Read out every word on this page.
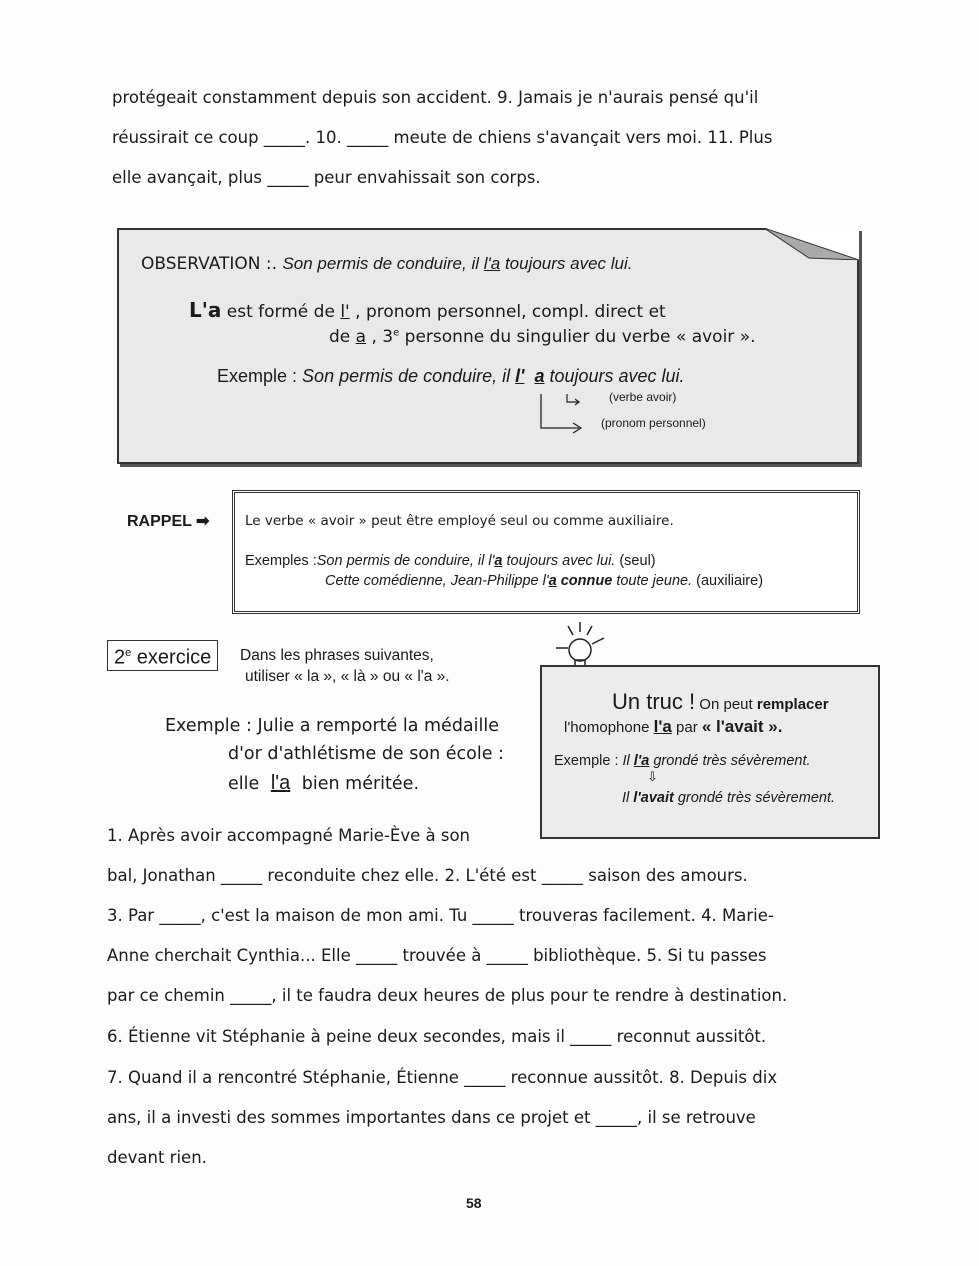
protégeait constamment depuis son accident. 9. Jamais je n'aurais pensé qu'il
réussirait ce coup _____. 10. _____ meute de chiens s'avançait vers moi. 11. Plus
elle avançait, plus _____ peur envahissait son corps.
OBSERVATION :. Son permis de conduire, il l'a toujours avec lui.
L'a est formé de l' , pronom personnel, compl. direct et
de a , 3e personne du singulier du verbe « avoir ».
Exemple : Son permis de conduire, il l' a toujours avec lui.
(verbe avoir)
(pronom personnel)
RAPPEL ➡	Le verbe « avoir » peut être employé seul ou comme auxiliaire.
Exemples :Son permis de conduire, il l'a toujours avec lui. (seul)
Cette comédienne, Jean-Philippe l'a connue toute jeune. (auxiliaire)
2e exercice	Dans les phrases suivantes,
utiliser « la », « là » ou « l'a ».
Exemple : Julie a remporté la médaille
d'or d'athlétisme de son école :
elle l'a bien méritée.
Un truc ! On peut remplacer
l'homophone l'a par « l'avait ».
Exemple : Il l'a grondé très sévèrement.
⇩
Il l'avait grondé très sévèrement.
1. Après avoir accompagné Marie-Ève à son
bal, Jonathan _____ reconduite chez elle. 2. L'été est _____ saison des amours.
3. Par _____, c'est la maison de mon ami. Tu _____ trouveras facilement. 4. Marie-
Anne cherchait Cynthia... Elle _____ trouvée à _____ bibliothèque. 5. Si tu passes
par ce chemin _____, il te faudra deux heures de plus pour te rendre à destination.
6. Étienne vit Stéphanie à peine deux secondes, mais il _____ reconnut aussitôt.
7. Quand il a rencontré Stéphanie, Étienne _____ reconnue aussitôt. 8. Depuis dix
ans, il a investi des sommes importantes dans ce projet et _____, il se retrouve
devant rien.
58
